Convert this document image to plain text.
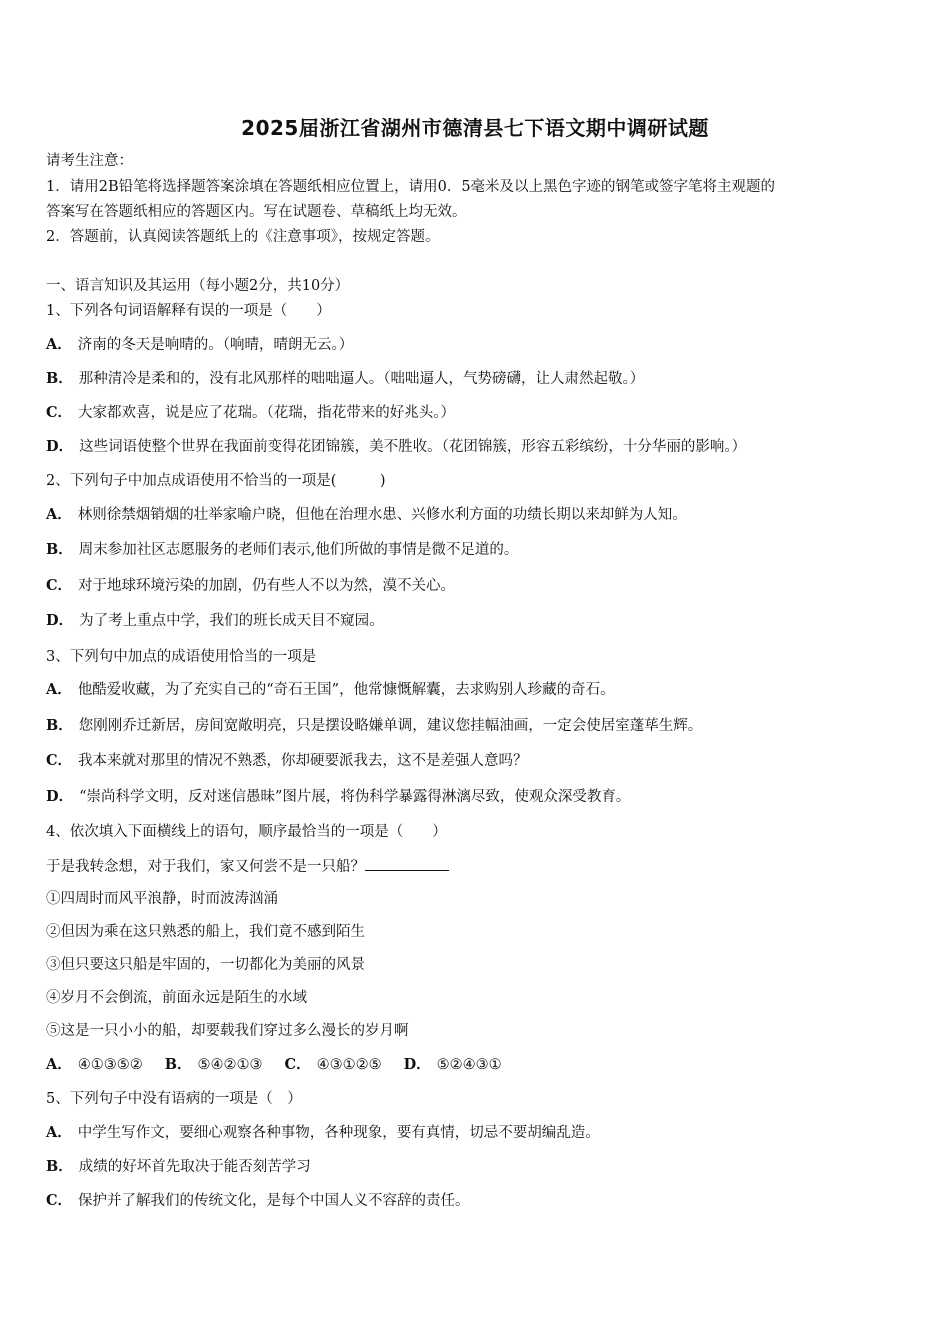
2025届浙江省湖州市德清县七下语文期中调研试题
请考生注意：
1．请用2B铅笔将选择题答案涂填在答题纸相应位置上，请用0．5毫米及以上黑色字迹的钢笔或签字笔将主观题的
答案写在答题纸相应的答题区内。写在试题卷、草稿纸上均无效。
2．答题前，认真阅读答题纸上的《注意事项》，按规定答题。
一、语言知识及其运用（每小题2分，共10分）
1、下列各句词语解释有误的一项是（　　）
A． 济南的冬天是响晴的。（响晴，晴朗无云。）
B． 那种清冷是柔和的，没有北风那样的咄咄逼人。（咄咄逼人，气势磅礴，让人肃然起敬。）
C． 大家都欢喜，说是应了花瑞。（花瑞，指花带来的好兆头。）
D． 这些词语使整个世界在我面前变得花团锦簇，美不胜收。（花团锦簇，形容五彩缤纷，十分华丽的影响。）
2、下列句子中加点成语使用不恰当的一项是(　　　)
A． 林则徐禁烟销烟的壮举家喻户晓，但他在治理水患、兴修水利方面的功绩长期以来却鲜为人知。
B． 周末参加社区志愿服务的老师们表示,他们所做的事情是微不足道的。
C． 对于地球环境污染的加剧，仍有些人不以为然，漠不关心。
D． 为了考上重点中学，我们的班长成天目不窥园。
3、下列句中加点的成语使用恰当的一项是
A． 他酷爱收藏，为了充实自己的“奇石王国”，他常慷慨解囊，去求购别人珍藏的奇石。
B． 您刚刚乔迁新居，房间宽敞明亮，只是摆设略嫌单调，建议您挂幅油画，一定会使居室蓬荜生辉。
C． 我本来就对那里的情况不熟悉，你却硬要派我去，这不是差强人意吗？
D． “崇尚科学文明，反对迷信愚昧”图片展，将伪科学暴露得淋漓尽致，使观众深受教育。
4、依次填入下面横线上的语句，顺序最恰当的一项是（　　）
于是我转念想，对于我们，家又何尝不是一只船？
①四周时而风平浪静，时而波涛汹涌
②但因为乘在这只熟悉的船上，我们竟不感到陌生
③但只要这只船是牢固的，一切都化为美丽的风景
④岁月不会倒流，前面永远是陌生的水域
⑤这是一只小小的船，却要载我们穿过多么漫长的岁月啊
A． ④①③⑤② B． ⑤④②①③ C． ④③①②⑤ D． ⑤②④③①
5、下列句子中没有语病的一项是（　）
A． 中学生写作文，要细心观察各种事物，各种现象，要有真情，切忌不要胡编乱造。
B． 成绩的好坏首先取决于能否刻苦学习
C． 保护并了解我们的传统文化，是每个中国人义不容辞的责任。
